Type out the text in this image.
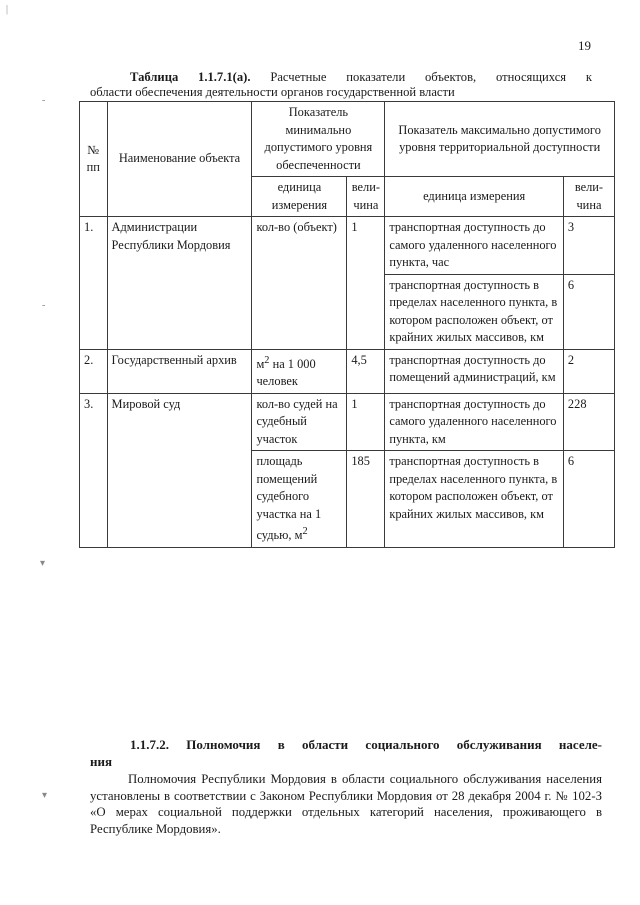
19
Таблица 1.1.7.1(а). Расчетные показатели объектов, относящихся к
области обеспечения деятельности органов государственной власти
№ пп	Наименование объекта	Показатель минимально допустимого уровня обеспеченности		Показатель максимально допустимого уровня территориальной доступности	
		единица измерения	вели-чина	единица измерения	вели-чина
1.	Администрации Республики Мордовия	кол-во (объект)	1	транспортная доступность до самого удаленного населенного пункта, час	3
				транспортная доступность в пределах населенного пункта, в котором расположен объект, от крайних жилых массивов, км	6
2.	Государственный архив	$м^2$ на 1 000 человек	4,5	транспортная доступность до помещений администраций, км	2
3.	Мировой суд	кол-во судей на судебный участок	1	транспортная доступность до самого удаленного населенного пункта, км	228
		площадь помещений судебного участка на 1 судью, $м^2$	185	транспортная доступность в пределах населенного пункта, в котором расположен объект, от крайних жилых массивов, км	6
1.1.7.2. Полномочия в области социального обслуживания населе-
ния
Полномочия Республики Мордовия в области социального обслуживания населения установлены в соответствии с Законом Республики Мордовия от 28 декабря 2004 г. № 102-З «О мерах социальной поддержки отдельных категорий населения, проживающего в Республике Мордовия».
|
-
-
▾
▾
